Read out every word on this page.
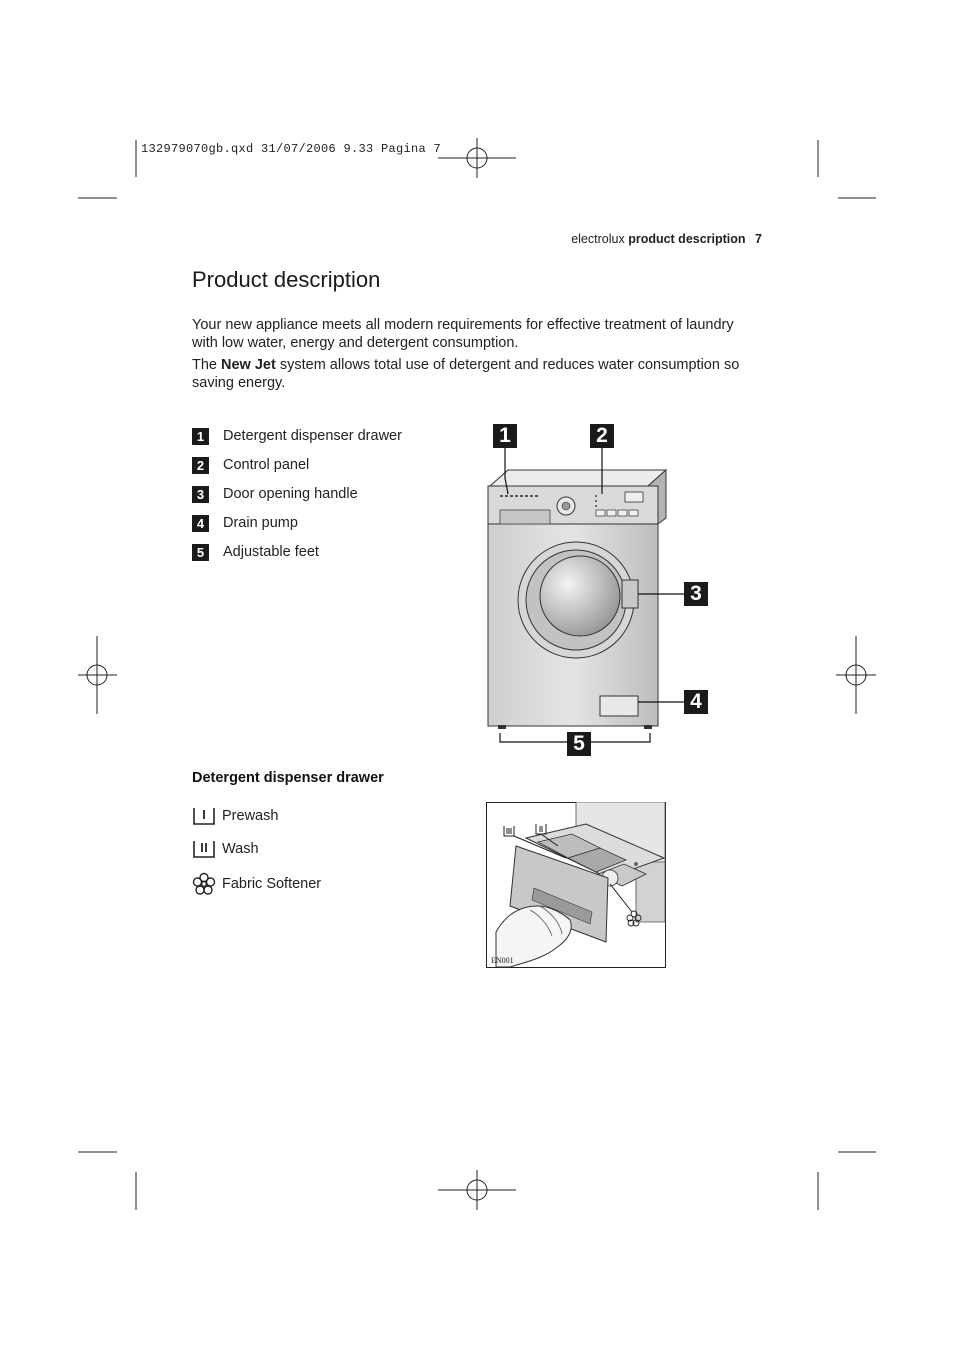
132979070gb.qxd 31/07/2006 9.33 Pagina 7
electrolux product description 7
Product description

Your new appliance meets all modern requirements for effective treatment of laundry with low water, energy and detergent consumption.

The New Jet system allows total use of detergent and reduces water consumption so saving energy.

1	Detergent dispenser drawer
2	Control panel
3	Door opening handle
4	Drain pump
5	Adjustable feet
1	2
3
4
5
Detergent dispenser drawer
Prewash
Wash
Fabric Softener
EN001
